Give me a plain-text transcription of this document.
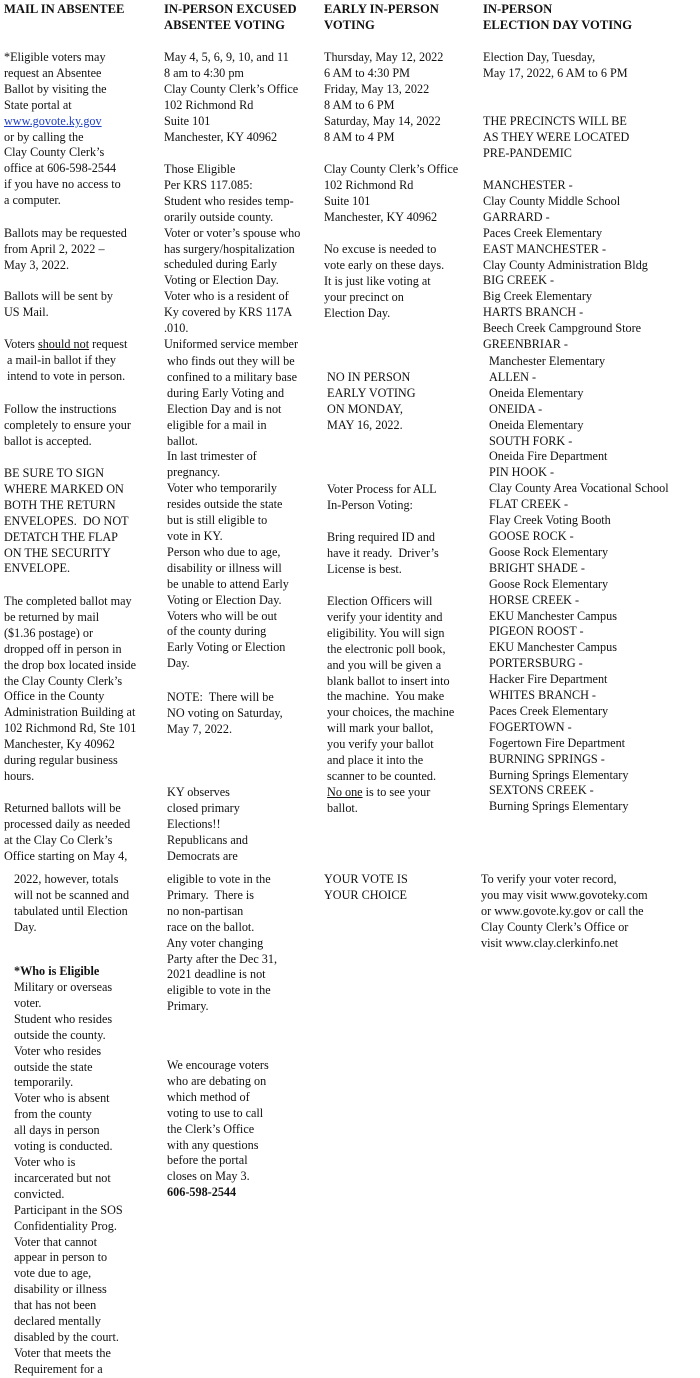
MAIL IN ABSENTEE
*Eligible voters may
request an Absentee
Ballot by visiting the
State portal at
www.govote.ky.gov
or by calling the
Clay County Clerk’s
office at 606-598-2544
if you have no access to
a computer.
Ballots may be requested
from April 2, 2022 –
May 3, 2022.
Ballots will be sent by
US Mail.
Voters should not request
a mail-in ballot if they
intend to vote in person.
Follow the instructions
completely to ensure your
ballot is accepted.
BE SURE TO SIGN
WHERE MARKED ON
BOTH THE RETURN
ENVELOPES.  DO NOT
DETATCH THE FLAP
ON THE SECURITY
ENVELOPE.
The completed ballot may
be returned by mail
($1.36 postage) or
dropped off in person in
the drop box located inside
the Clay County Clerk’s
Office in the County
Administration Building at
102 Richmond Rd, Ste 101
Manchester, Ky 40962
during regular business
hours.
Returned ballots will be
processed daily as needed
at the Clay Co Clerk’s
Office starting on May 4,
2022, however, totals
will not be scanned and
tabulated until Election
Day.
*Who is Eligible
Military or overseas
voter.
Student who resides
outside the county.
Voter who resides
outside the state
temporarily.
Voter who is absent
from the county
all days in person
voting is conducted.
Voter who is
incarcerated but not
convicted.
Participant in the SOS
Confidentiality Prog.
Voter that cannot
appear in person to
vote due to age,
disability or illness
that has not been
declared mentally
disabled by the court.
Voter that meets the
Requirement for a
IN-PERSON EXCUSED
ABSENTEE VOTING
May 4, 5, 6, 9, 10, and 11
8 am to 4:30 pm
Clay County Clerk’s Office
102 Richmond Rd
Suite 101
Manchester, KY 40962
Those Eligible
Per KRS 117.085:
Student who resides temp-
orarily outside county.
Voter or voter’s spouse who
has surgery/hospitalization
scheduled during Early
Voting or Election Day.
Voter who is a resident of
Ky covered by KRS 117A
.010.
Uniformed service member
who finds out they will be
confined to a military base
during Early Voting and
Election Day and is not
eligible for a mail in
ballot.
In last trimester of
pregnancy.
Voter who temporarily
resides outside the state
but is still eligible to
vote in KY.
Person who due to age,
disability or illness will
be unable to attend Early
Voting or Election Day.
Voters who will be out
of the county during
Early Voting or Election
Day.
NOTE:  There will be
NO voting on Saturday,
May 7, 2022.
KY observes
closed primary
Elections!!
Republicans and
Democrats are
eligible to vote in the
Primary.  There is
no non-partisan
race on the ballot.
Any voter changing
Party after the Dec 31,
2021 deadline is not
eligible to vote in the
Primary.
We encourage voters
who are debating on
which method of
voting to use to call
the Clerk’s Office
with any questions
before the portal
closes on May 3.
606-598-2544
EARLY IN-PERSON
VOTING
Thursday, May 12, 2022
6 AM to 4:30 PM
Friday, May 13, 2022
8 AM to 6 PM
Saturday, May 14, 2022
8 AM to 4 PM
Clay County Clerk’s Office
102 Richmond Rd
Suite 101
Manchester, KY 40962
No excuse is needed to
vote early on these days.
It is just like voting at
your precinct on
Election Day.
NO IN PERSON
EARLY VOTING
ON MONDAY,
MAY 16, 2022.
Voter Process for ALL
In-Person Voting:
Bring required ID and
have it ready.  Driver’s
License is best.
Election Officers will
verify your identity and
eligibility. You will sign
the electronic poll book,
and you will be given a
blank ballot to insert into
the machine.  You make
your choices, the machine
will mark your ballot,
you verify your ballot
and place it into the
scanner to be counted.
No one is to see your
ballot.
YOUR VOTE IS
YOUR CHOICE
IN-PERSON
ELECTION DAY VOTING
Election Day, Tuesday,
May 17, 2022, 6 AM to 6 PM
THE PRECINCTS WILL BE
AS THEY WERE LOCATED
PRE-PANDEMIC
MANCHESTER -
Clay County Middle School
GARRARD -
Paces Creek Elementary
EAST MANCHESTER -
Clay County Administration Bldg
BIG CREEK -
Big Creek Elementary
HARTS BRANCH -
Beech Creek Campground Store
GREENBRIAR -
Manchester Elementary
ALLEN -
Oneida Elementary
ONEIDA -
Oneida Elementary
SOUTH FORK -
Oneida Fire Department
PIN HOOK -
Clay County Area Vocational School
FLAT CREEK -
Flay Creek Voting Booth
GOOSE ROCK -
Goose Rock Elementary
BRIGHT SHADE -
Goose Rock Elementary
HORSE CREEK -
EKU Manchester Campus
PIGEON ROOST -
EKU Manchester Campus
PORTERSBURG -
Hacker Fire Department
WHITES BRANCH -
Paces Creek Elementary
FOGERTOWN -
Fogertown Fire Department
BURNING SPRINGS -
Burning Springs Elementary
SEXTONS CREEK -
Burning Springs Elementary
To verify your voter record,
you may visit www.govoteky.com
or www.govote.ky.gov or call the
Clay County Clerk’s Office or
visit www.clay.clerkinfo.net
